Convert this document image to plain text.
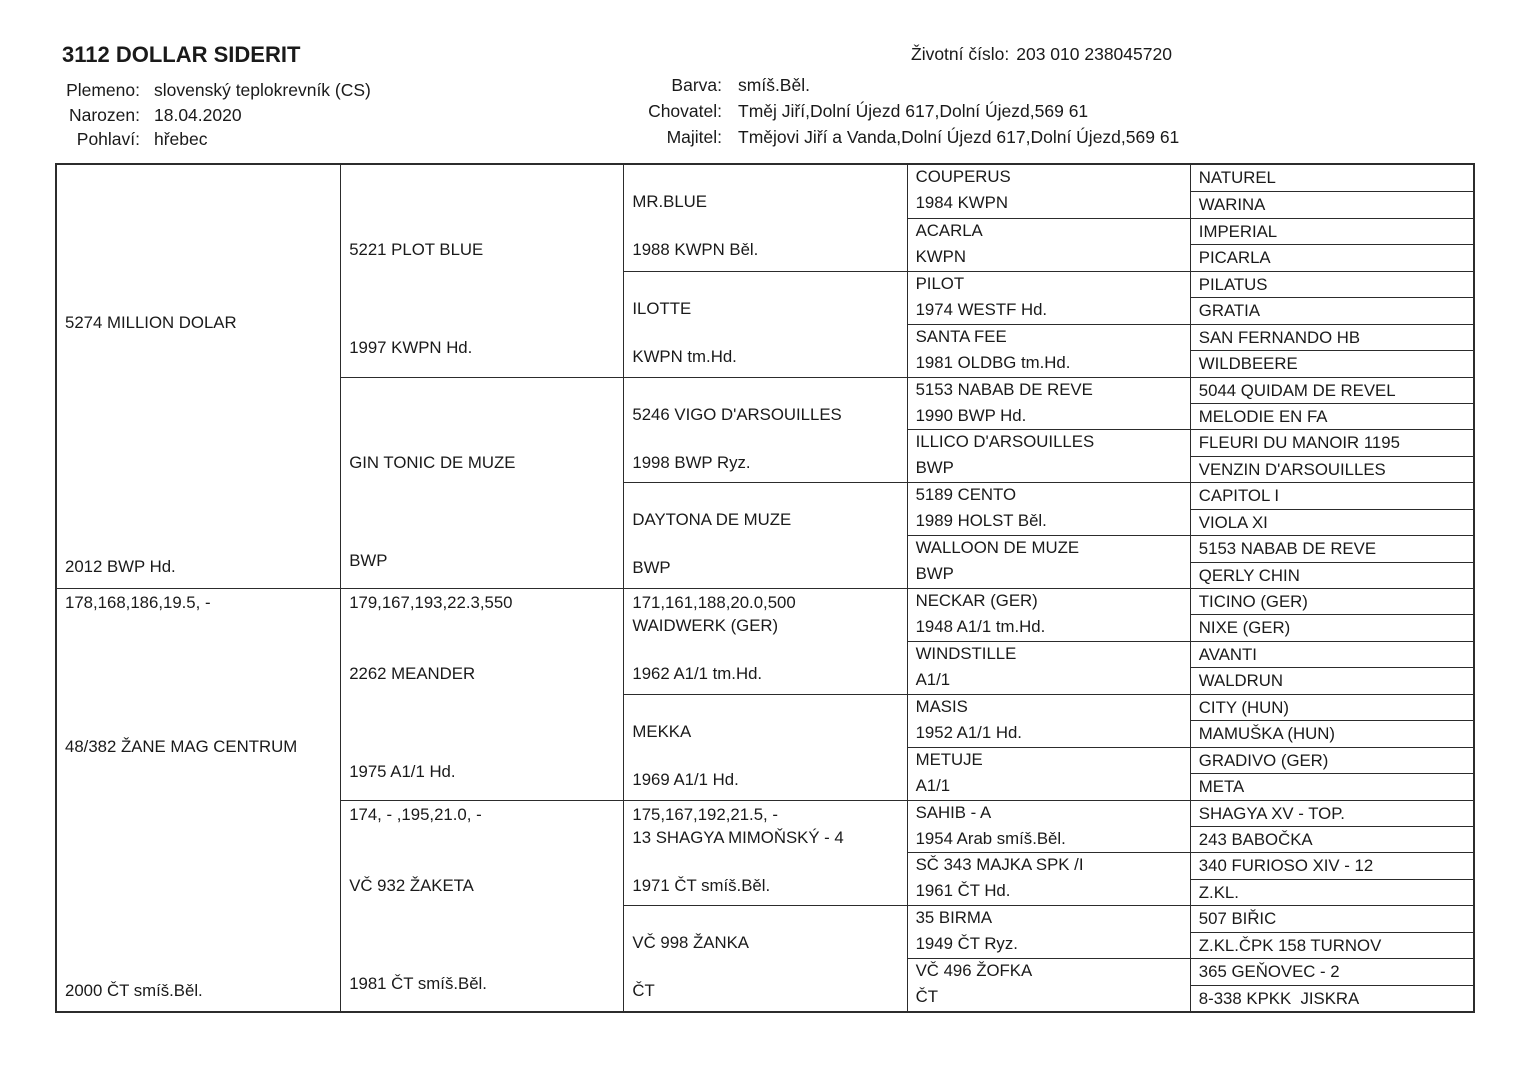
3112 DOLLAR SIDERIT
Plemeno: slovenský teplokrevník (CS)
Narozen: 18.04.2020
Pohlaví: hřebec
Životní číslo: 203 010 238045720
Barva: smíš.Běl.
Chovatel: Tměj Jiří,Dolní Újezd 617,Dolní Újezd,569 61
Majitel: Tmějovi Jiří a Vanda,Dolní Újezd 617,Dolní Újezd,569 61
5274 MILLION DOLAR
2012 BWP Hd.
178,168,186,19.5, -
48/382 ŽANE MAG CENTRUM
2000 ČT smíš.Běl.
5221 PLOT BLUE
1997 KWPN Hd.
GIN TONIC DE MUZE
BWP
179,167,193,22.3,550
2262 MEANDER
1975 A1/1 Hd.
174, - ,195,21.0, -
VČ 932 ŽAKETA
1981 ČT smíš.Běl.
MR.BLUE
1988 KWPN Běl.
ILOTTE
KWPN tm.Hd.
5246 VIGO D'ARSOUILLES
1998 BWP Ryz.
DAYTONA DE MUZE
BWP
171,161,188,20.0,500
WAIDWERK (GER)
1962 A1/1 tm.Hd.
MEKKA
1969 A1/1 Hd.
175,167,192,21.5, -
13 SHAGYA MIMOŇSKÝ - 4
1971 ČT smíš.Běl.
VČ 998 ŽANKA
ČT
COUPERUS
1984 KWPN
ACARLA
KWPN
PILOT
1974 WESTF Hd.
SANTA FEE
1981 OLDBG tm.Hd.
5153 NABAB DE REVE
1990 BWP Hd.
ILLICO D'ARSOUILLES
BWP
5189 CENTO
1989 HOLST Běl.
WALLOON DE MUZE
BWP
NECKAR (GER)
1948 A1/1 tm.Hd.
WINDSTILLE
A1/1
MASIS
1952 A1/1 Hd.
METUJE
A1/1
SAHIB - A
1954 Arab smíš.Běl.
SČ 343 MAJKA SPK /I
1961 ČT Hd.
35 BIRMA
1949 ČT Ryz.
VČ 496 ŽOFKA
ČT
NATUREL
WARINA
IMPERIAL
PICARLA
PILATUS
GRATIA
SAN FERNANDO HB
WILDBEERE
5044 QUIDAM DE REVEL
MELODIE EN FA
FLEURI DU MANOIR 1195
VENZIN D'ARSOUILLES
CAPITOL I
VIOLA XI
5153 NABAB DE REVE
QERLY CHIN
TICINO (GER)
NIXE (GER)
AVANTI
WALDRUN
CITY (HUN)
MAMUŠKA (HUN)
GRADIVO (GER)
META
SHAGYA XV - TOP.
243 BABOČKA
340 FURIOSO XIV - 12
Z.KL.
507 BIŘIC
Z.KL.ČPK 158 TURNOV
365 GEŇOVEC - 2
8-338 KPKK  JISKRA
